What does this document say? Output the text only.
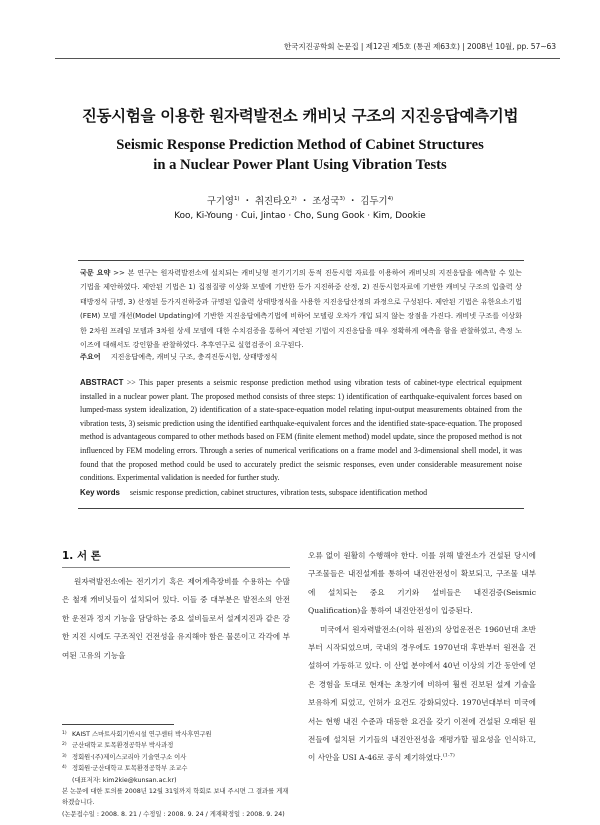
한국지진공학회 논문집 | 제12권 제5호 (통권 제63호) | 2008년 10월, pp. 57~63
진동시험을 이용한 원자력발전소 캐비닛 구조의 지진응답예측기법
Seismic Response Prediction Method of Cabinet Structures
in a Nuclear Power Plant Using Vibration Tests
구기영$^{1)}$ ・ 취진타오$^{2)}$ ・ 조성국$^{3)}$ ・ 김두기$^{4)}$
Koo, Ki-Young · Cui, Jintao · Cho, Sung Gook · Kim, Dookie
국문 요약 >> 본 연구는 원자력발전소에 설치되는 캐비닛형 전기기기의 동적 진동시험 자료를 이용하여 캐비닛의 지진응답을 예측할 수 있는 기법을 제안하였다. 제안된 기법은 1) 집점질량 이상화 모델에 기반한 등가 지진하중 산정, 2) 진동시험자료에 기반한 캐비닛 구조의 입출력 상태방정식 규명, 3) 산정된 등가지진하중과 규명된 입출력 상태방정식을 사용한 지진응답산정의 과정으로 구성된다. 제안된 기법은 유한요소기법(FEM) 모델 개선(Model Updating)에 기반한 지진응답예측기법에 비하여 모델링 오차가 개입 되지 않는 장점을 가진다. 캐비넷 구조를 이상화한 2차원 프레임 모델과 3차원 상세 모델에 대한 수치검증을 통하여 제안된 기법이 지진응답을 매우 정확하게 예측을 함을 관찰하였고, 측정 노이즈에 대해서도 강인함을 관찰하였다. 추후연구로 실험검증이 요구된다.
주요어 지진응답예측, 캐비닛 구조, 충격진동시험, 상태방정식
ABSTRACT >> This paper presents a seismic response prediction method using vibration tests of cabinet-type electrical equipment installed in a nuclear power plant. The proposed method consists of three steps: 1) identification of earthquake-equivalent forces based on lumped-mass system idealization, 2) identification of a state-space-equation model relating input-output measurements obtained from the vibration tests, 3) seismic prediction using the identified earthquake-equivalent forces and the identified state-space-equation. The proposed method is advantageous compared to other methods based on FEM (finite element method) model update, since the proposed method is not influenced by FEM modeling errors. Through a series of numerical verifications on a frame model and 3-dimensional shell model, it was found that the proposed method could be used to accurately predict the seismic responses, even under considerable measurement noise conditions. Experimental validation is needed for further study.
Key words seismic response prediction, cabinet structures, vibration tests, subspace identification method
1. 서 론

원자력발전소에는 전기기기 혹은 제어계측장비를 수용하는 수많은 철재 캐비닛들이 설치되어 있다. 이들 중 대부분은 발전소의 안전한 운전과 정지 기능을 담당하는 중요 설비들로서 설계지진과 같은 강한 지진 시에도 구조적인 건전성을 유지해야 함은 물론이고 각각에 부여된 고유의 기능을

오류 없이 원활히 수행해야 한다. 이를 위해 발전소가 건설된 당시에 구조물들은 내진설계를 통하여 내진안전성이 확보되고, 구조물 내부에 설치되는 중요 기기와 설비들은 내진검증(Seismic Qualification)을 통하여 내진안전성이 입증된다.

미국에서 원자력발전소(이하 원전)의 상업운전은 1960년대 초반부터 시작되었으며, 국내의 경우에도 1970년대 후반부터 원전을 건설하여 가동하고 있다. 이 산업 분야에서 40년 이상의 기간 동안에 얻은 경험을 토대로 현재는 초창기에 비하여 훨씬 진보된 설계 기술을 보유하게 되었고, 인허가 요건도 강화되었다. 1970년대부터 미국에서는 현행 내진 수준과 대등한 요건을 갖기 이전에 건설된 오래된 원전들에 설치된 기기들의 내진안전성을 재평가할 필요성을 인식하고, 이 사안을 USI A-46로 공식 제기하였다.$^{(1-7)}$

1) KAIST 스마트사회기반시설 연구센터 박사후연구원
2) 군산대학교 토목환경공학부 박사과정
3) 정회원·(주)제이스코리아 기술연구소 이사
4) 정회원·군산대학교 토목환경공학부 조교수
(대표저자: kim2kie@kunsan.ac.kr)
본 논문에 대한 토의를 2008년 12월 31일까지 학회로 보내 주시면 그 결과를 게재하겠습니다.
(논문접수일 : 2008. 8. 21 / 수정일 : 2008. 9. 24 / 게재확정일 : 2008. 9. 24)
